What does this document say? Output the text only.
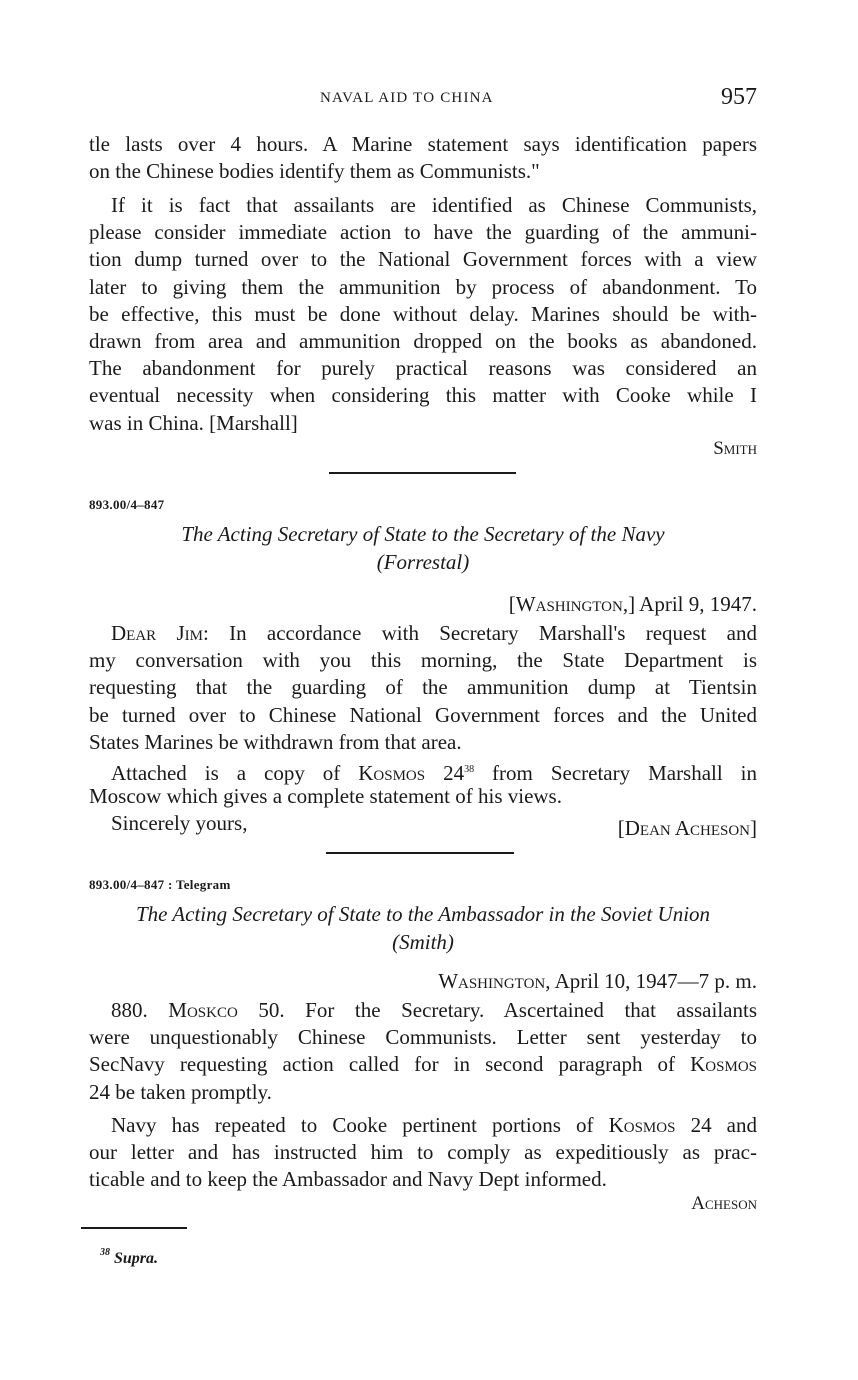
NAVAL AID TO CHINA	957
tle lasts over 4 hours. A Marine statement says identification papers
on the Chinese bodies identify them as Communists."
If it is fact that assailants are identified as Chinese Communists,
please consider immediate action to have the guarding of the ammuni-
tion dump turned over to the National Government forces with a view
later to giving them the ammunition by process of abandonment. To
be effective, this must be done without delay. Marines should be with-
drawn from area and ammunition dropped on the books as abandoned.
The abandonment for purely practical reasons was considered an
eventual necessity when considering this matter with Cooke while I
was in China. [Marshall]
Smith
893.00/4–847
The Acting Secretary of State to the Secretary of the Navy
(Forrestal)
[Washington,] April 9, 1947.
Dear Jim: In accordance with Secretary Marshall's request and
my conversation with you this morning, the State Department is
requesting that the guarding of the ammunition dump at Tientsin
be turned over to Chinese National Government forces and the United
States Marines be withdrawn from that area.
Attached is a copy of Kosmos $24^{38}$ from Secretary Marshall in
Moscow which gives a complete statement of his views.
Sincerely yours,	[Dean Acheson]
893.00/4–847 : Telegram
The Acting Secretary of State to the Ambassador in the Soviet Union
(Smith)
Washington, April 10, 1947—7 p. m.
880. Moskco 50. For the Secretary. Ascertained that assailants
were unquestionably Chinese Communists. Letter sent yesterday to
SecNavy requesting action called for in second paragraph of Kosmos
24 be taken promptly.
Navy has repeated to Cooke pertinent portions of Kosmos 24 and
our letter and has instructed him to comply as expeditiously as prac-
ticable and to keep the Ambassador and Navy Dept informed.
Acheson
$^{38}$ Supra.
